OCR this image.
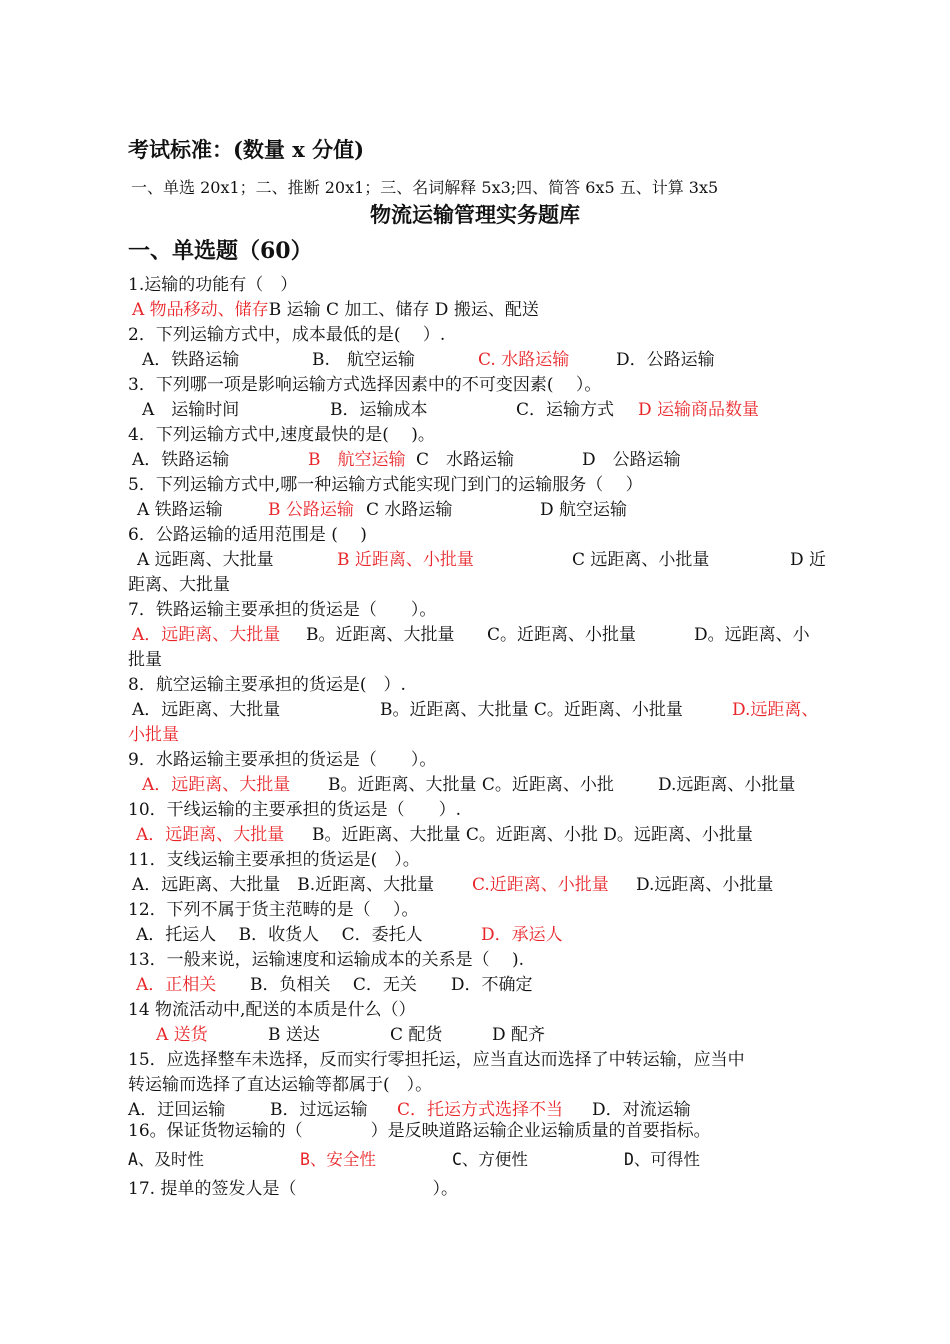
考试标准：(数量 x 分值)
一、单选 20x1；二、推断 20x1；三、名词解释 5x3;四、简答 6x5 五、计算 3x5
物流运输管理实务题库
一、单选题（60）
1.运输的功能有（　）
A 物品移动、储存B 运输 C 加工、储存 D 搬运、配送
2．下列运输方式中，成本最低的是(　 ）.
A．铁路运输	B.　航空运输	C. 水路运输	D．公路运输
3．下列哪一项是影响运输方式选择因素中的不可变因素(　 ）。
A　运输时间	B．运输成本	C．运输方式 D 运输商品数量
4．下列运输方式中,速度最快的是(　 )。
A．铁路运输	B　航空运输 C　水路运输	D　公路运输
5．下列运输方式中,哪一种运输方式能实现门到门的运输服务（　 ）
A 铁路运输	B 公路运输 C 水路运输	D 航空运输
6．公路运输的适用范围是 (　 )
A 远距离、大批量	B 近距离、小批量	C 远距离、小批量	D 近
距离、大批量
7．铁路运输主要承担的货运是（　　）。
A．远距离、大批量 B。近距离、大批量 C。近距离、小批量	D。远距离、小
批量
8．航空运输主要承担的货运是(　）.
A．远距离、大批量	B。近距离、大批量 C。近距离、小批量	D.远距离、
小批量
9．水路运输主要承担的货运是（　　）。
A．远距离、大批量 B。近距离、大批量 C。近距离、小批	D.远距离、小批量
10．干线运输的主要承担的货运是（　　）.
A．远距离、大批量 B。近距离、大批量 C。近距离、小批 D。远距离、小批量
11．支线运输主要承担的货运是(　）。
A．远距离、大批量　B.近距离、大批量 C.近距离、小批量 D.远距离、小批量
12．下列不属于货主范畴的是（　 ）。
A．托运人　 B．收货人　 C．委托人	D．承运人
13．一般来说，运输速度和运输成本的关系是（　 ).
A．正相关 B．负相关　 C．无关　　D．不确定
14 物流活动中,配送的本质是什么（）
A 送货	B 送达	C 配货	D 配齐
15．应选择整车未选择，反而实行零担托运，应当直达而选择了中转运输，应当中
转运输而选择了直达运输等都属于(　）。
A．迂回运输	B．过远运输 C．托运方式选择不当 D．对流运输
16。保证货物运输的（　　　　）是反映道路运输企业运输质量的首要指标。
A、及时性	B、安全性	C、方便性	D、可得性
17. 提单的签发人是（　　　　　　　　）。
